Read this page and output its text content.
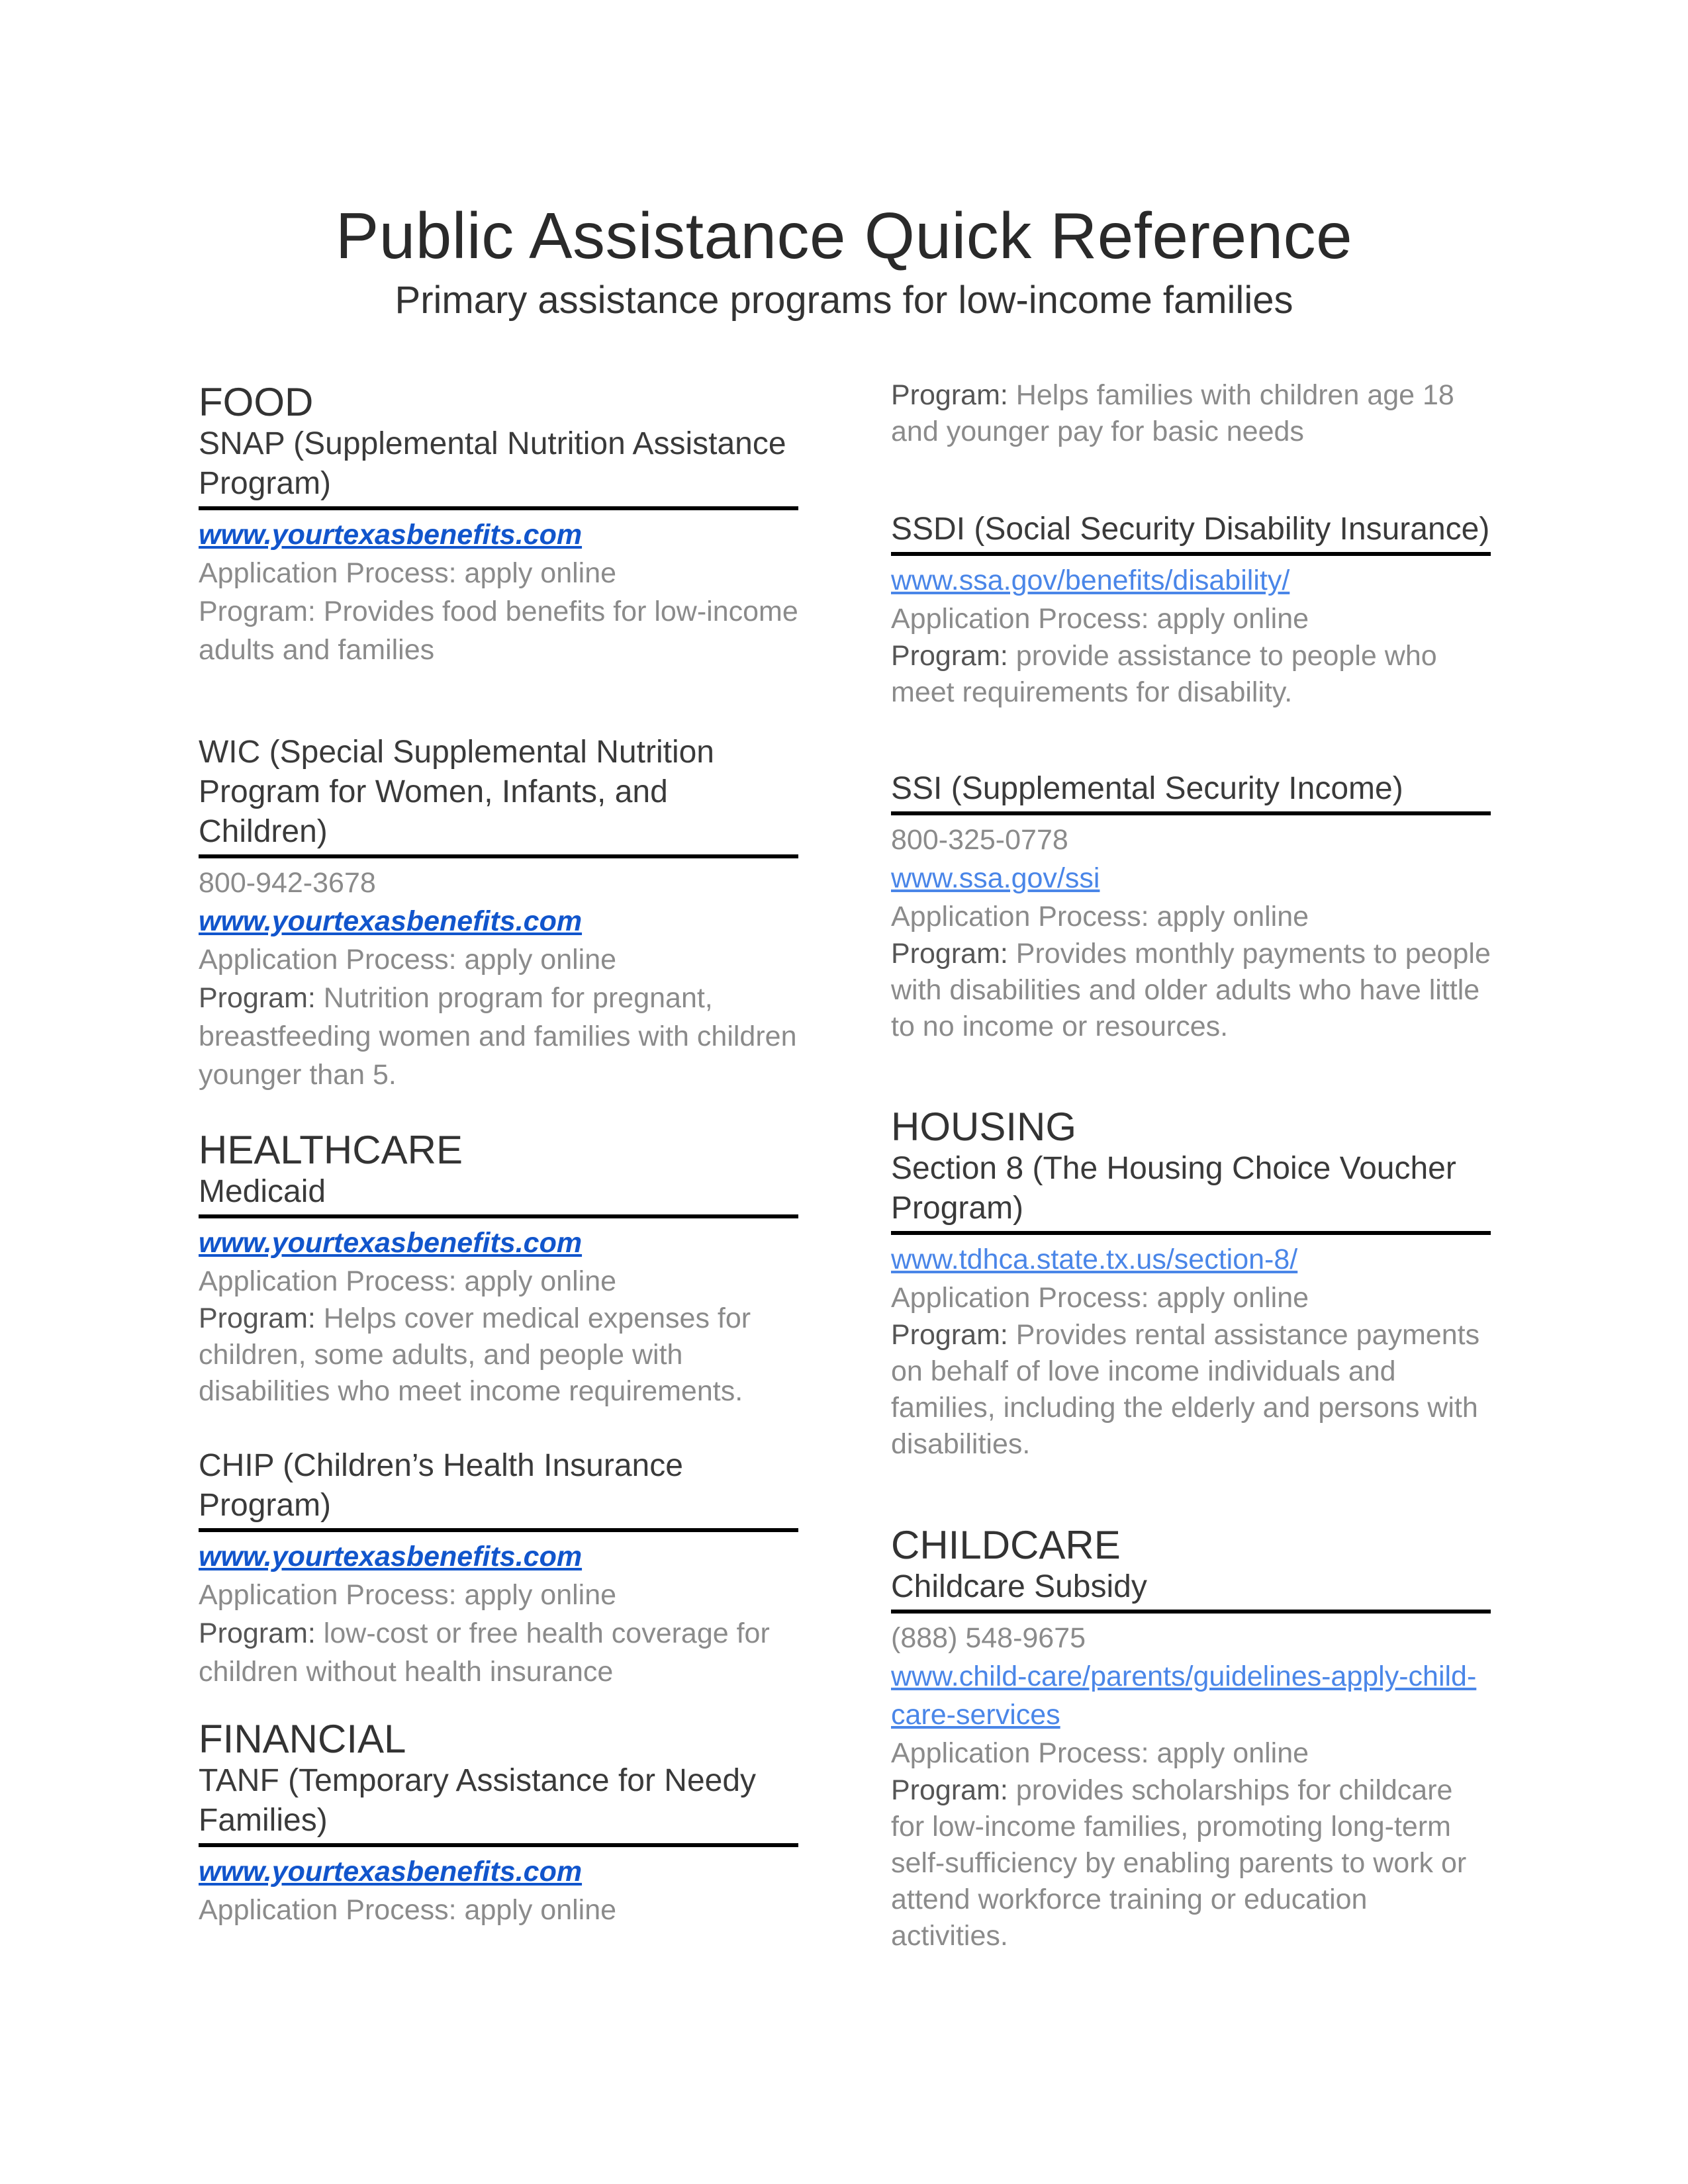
Public Assistance Quick Reference
Primary assistance programs for low-income families
FOOD
SNAP (Supplemental Nutrition Assistance Program)
www.yourtexasbenefits.com
Application Process: apply online
Program: Provides food benefits for low-income adults and families
WIC (Special Supplemental Nutrition Program for Women, Infants, and Children)
800-942-3678
www.yourtexasbenefits.com
Application Process: apply online
Program: Nutrition program for pregnant, breastfeeding women and families with children younger than 5.
HEALTHCARE
Medicaid
www.yourtexasbenefits.com
Application Process: apply online
Program: Helps cover medical expenses for children, some adults, and people with disabilities who meet income requirements.
CHIP (Children’s Health Insurance Program)
www.yourtexasbenefits.com
Application Process: apply online
Program: low-cost or free health coverage for children without health insurance
FINANCIAL
TANF (Temporary Assistance for Needy Families)
www.yourtexasbenefits.com
Application Process: apply online
Program: Helps families with children age 18 and younger pay for basic needs
SSDI (Social Security Disability Insurance)
www.ssa.gov/benefits/disability/
Application Process: apply online
Program: provide assistance to people who meet requirements for disability.
SSI (Supplemental Security Income)
800-325-0778
www.ssa.gov/ssi
Application Process: apply online
Program: Provides monthly payments to people with disabilities and older adults who have little to no income or resources.
HOUSING
Section 8 (The Housing Choice Voucher Program)
www.tdhca.state.tx.us/section-8/
Application Process: apply online
Program: Provides rental assistance payments on behalf of love income individuals and families, including the elderly and persons with disabilities.
CHILDCARE
Childcare Subsidy
(888) 548-9675
www.child-care/parents/guidelines-apply-child-care-services
Application Process: apply online
Program: provides scholarships for childcare for low-income families, promoting long-term self-sufficiency by enabling parents to work or attend workforce training or education activities.
